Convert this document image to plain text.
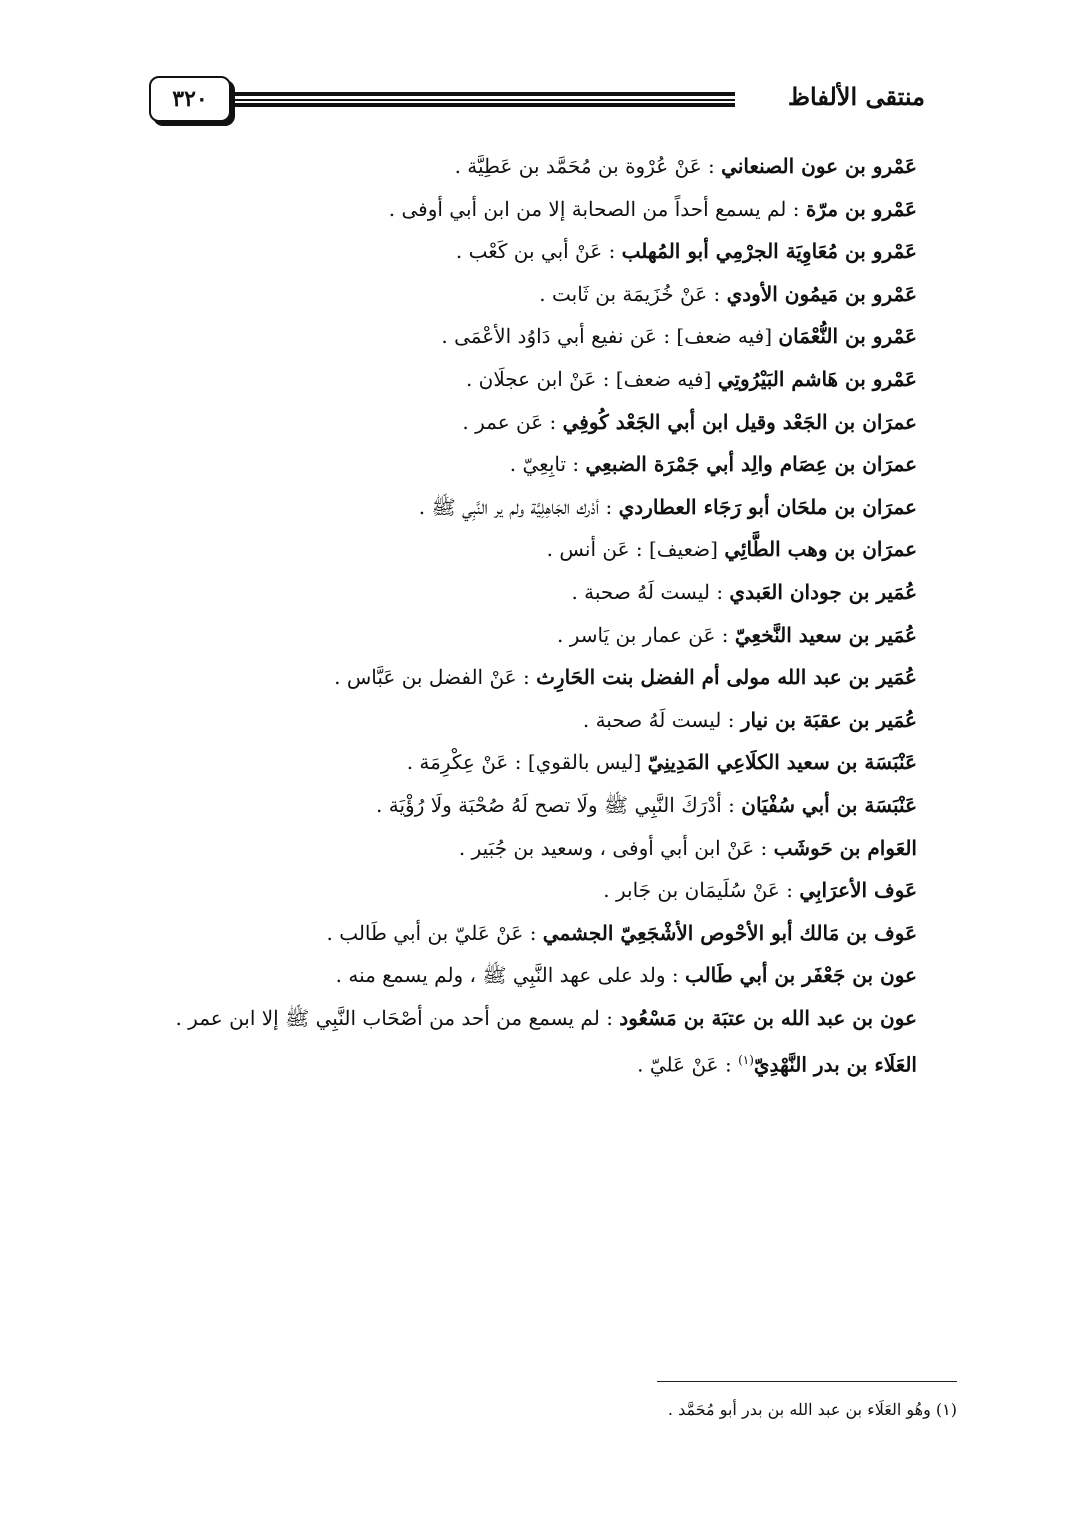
منتقى الألفاظ
٣٢٠
عَمْرو بن عون الصنعاني : عَنْ عُرْوة بن مُحَمَّد بن عَطِيَّة .
عَمْرو بن مرّة : لم يسمع أحداً من الصحابة إلا من ابن أبي أوفى .
عَمْرو بن مُعَاوِيَة الجرْمِي أبو المُهلب : عَنْ أبي بن كَعْب .
عَمْرو بن مَيمُون الأودي : عَنْ خُزَيمَة بن ثَابت .
عَمْرو بن النُّعْمَان [فيه ضعف] : عَن نفيع أبي دَاوُد الأعْمَى .
عَمْرو بن هَاشم البَيْرُوتِي [فيه ضعف] : عَنْ ابن عجلَان .
عمرَان بن الجَعْد وقيل ابن أبي الجَعْد كُوفِي : عَن عمر .
عمرَان بن عِصَام والِد أبي جَمْرَة الضبعِي : تابِعِيّ .
عمرَان بن ملحَان أبو رَجَاء العطاردي : أدْرك الجَاهِلِيَّة ولم ير النَّبِي ﷺ .
عمرَان بن وهب الطَّائِي [ضعيف] : عَن أنس .
عُمَير بن جودان العَبدي : ليست لَهُ صحبة .
عُمَير بن سعيد النَّخعِيّ : عَن عمار بن يَاسر .
عُمَير بن عبد الله مولى أم الفضل بنت الحَارِث : عَنْ الفضل بن عَبَّاس .
عُمَير بن عقبَة بن نيار : ليست لَهُ صحبة .
عَنْبَسَة بن سعيد الكلَاعِي المَدِينِيّ [ليس بالقوي] : عَنْ عِكْرِمَة .
عَنْبَسَة بن أبي سُفْيَان : أدْرَكَ النَّبِي ﷺ ولَا تصح لَهُ صُحْبَة ولَا رُؤْيَة .
العَوام بن حَوشَب : عَنْ ابن أبي أوفى ، وسعيد بن جُبَير .
عَوف الأعرَابِي : عَنْ سُلَيمَان بن جَابر .
عَوف بن مَالك أبو الأحْوص الأشْجَعِيّ الجشمي : عَنْ عَليّ بن أبي طَالب .
عون بن جَعْفَر بن أبي طَالب : ولد على عهد النَّبِي ﷺ ، ولم يسمع منه .
عون بن عبد الله بن عتبَة بن مَسْعُود : لم يسمع من أحد من أصْحَاب النَّبِي ﷺ إلا ابن عمر .
العَلَاء بن بدر النَّهْدِيّ$^{(١)}$ : عَنْ عَليّ .
(١) وهُو العَلَاء بن عبد الله بن بدر أبو مُحَمَّد .
